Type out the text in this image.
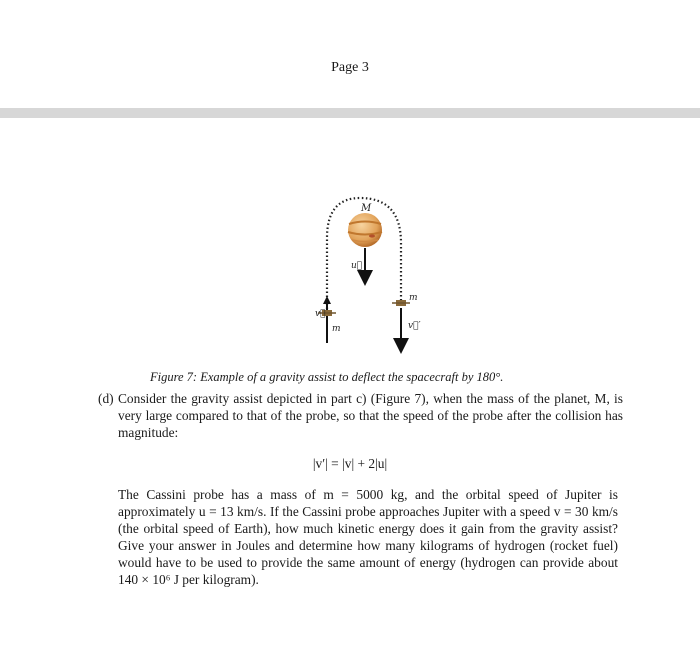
Page 3
M
u⃗
v⃗
m
m
v⃗′
Figure 7: Example of a gravity assist to deflect the spacecraft by 180°.
(d) Consider the gravity assist depicted in part c) (Figure 7), when the mass of the planet, M, is very large compared to that of the probe, so that the speed of the probe after the collision has magnitude:
|v′| = |v| + 2|u|
The Cassini probe has a mass of m = 5000 kg, and the orbital speed of Jupiter is approximately u = 13 km/s. If the Cassini probe approaches Jupiter with a speed v = 30 km/s (the orbital speed of Earth), how much kinetic energy does it gain from the gravity assist? Give your answer in Joules and determine how many kilograms of hydrogen (rocket fuel) would have to be used to provide the same amount of energy (hydrogen can provide about 140 × 10⁶ J per kilogram).
